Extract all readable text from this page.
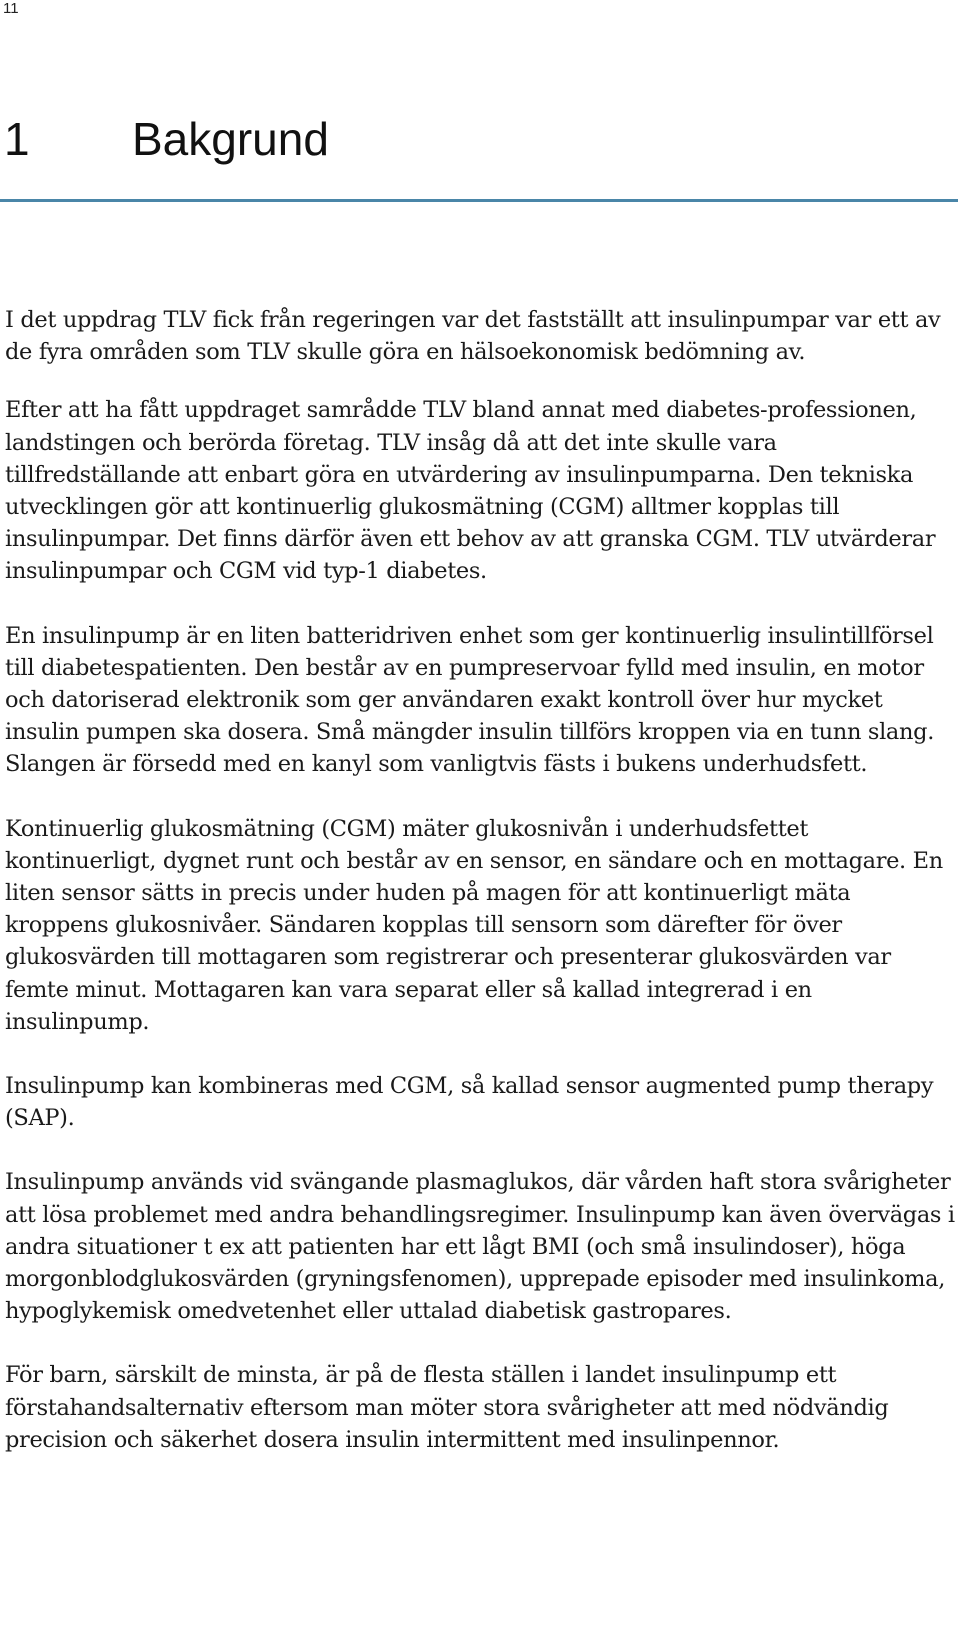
11
1 Bakgrund

I det uppdrag TLV fick från regeringen var det fastställt att insulinpumpar var ett av de fyra områden som TLV skulle göra en hälsoekonomisk bedömning av.

Efter att ha fått uppdraget samrådde TLV bland annat med diabetes-professionen, landstingen och berörda företag. TLV insåg då att det inte skulle vara tillfredställande att enbart göra en utvärdering av insulinpumparna. Den tekniska utvecklingen gör att kontinuerlig glukosmätning (CGM) alltmer kopplas till insulinpumpar. Det finns därför även ett behov av att granska CGM. TLV utvärderar insulinpumpar och CGM vid typ-1 diabetes.

En insulinpump är en liten batteridriven enhet som ger kontinuerlig insulintillförsel till diabetespatienten. Den består av en pumpreservoar fylld med insulin, en motor och datoriserad elektronik som ger användaren exakt kontroll över hur mycket insulin pumpen ska dosera. Små mängder insulin tillförs kroppen via en tunn slang. Slangen är försedd med en kanyl som vanligtvis fästs i bukens underhudsfett.

Kontinuerlig glukosmätning (CGM) mäter glukosnivån i underhudsfettet kontinuerligt, dygnet runt och består av en sensor, en sändare och en mottagare. En liten sensor sätts in precis under huden på magen för att kontinuerligt mäta kroppens glukosnivåer. Sändaren kopplas till sensorn som därefter för över glukosvärden till mottagaren som registrerar och presenterar glukosvärden var femte minut. Mottagaren kan vara separat eller så kallad integrerad i en insulinpump.

Insulinpump kan kombineras med CGM, så kallad sensor augmented pump therapy (SAP).

Insulinpump används vid svängande plasmaglukos, där vården haft stora svårigheter att lösa problemet med andra behandlingsregimer. Insulinpump kan även övervägas i andra situationer t ex att patienten har ett lågt BMI (och små insulindoser), höga morgonblodglukosvärden (gryningsfenomen), upprepade episoder med insulinkoma, hypoglykemisk omedvetenhet eller uttalad diabetisk gastropares.

För barn, särskilt de minsta, är på de flesta ställen i landet insulinpump ett förstahandsalternativ eftersom man möter stora svårigheter att med nödvändig precision och säkerhet dosera insulin intermittent med insulinpennor.
